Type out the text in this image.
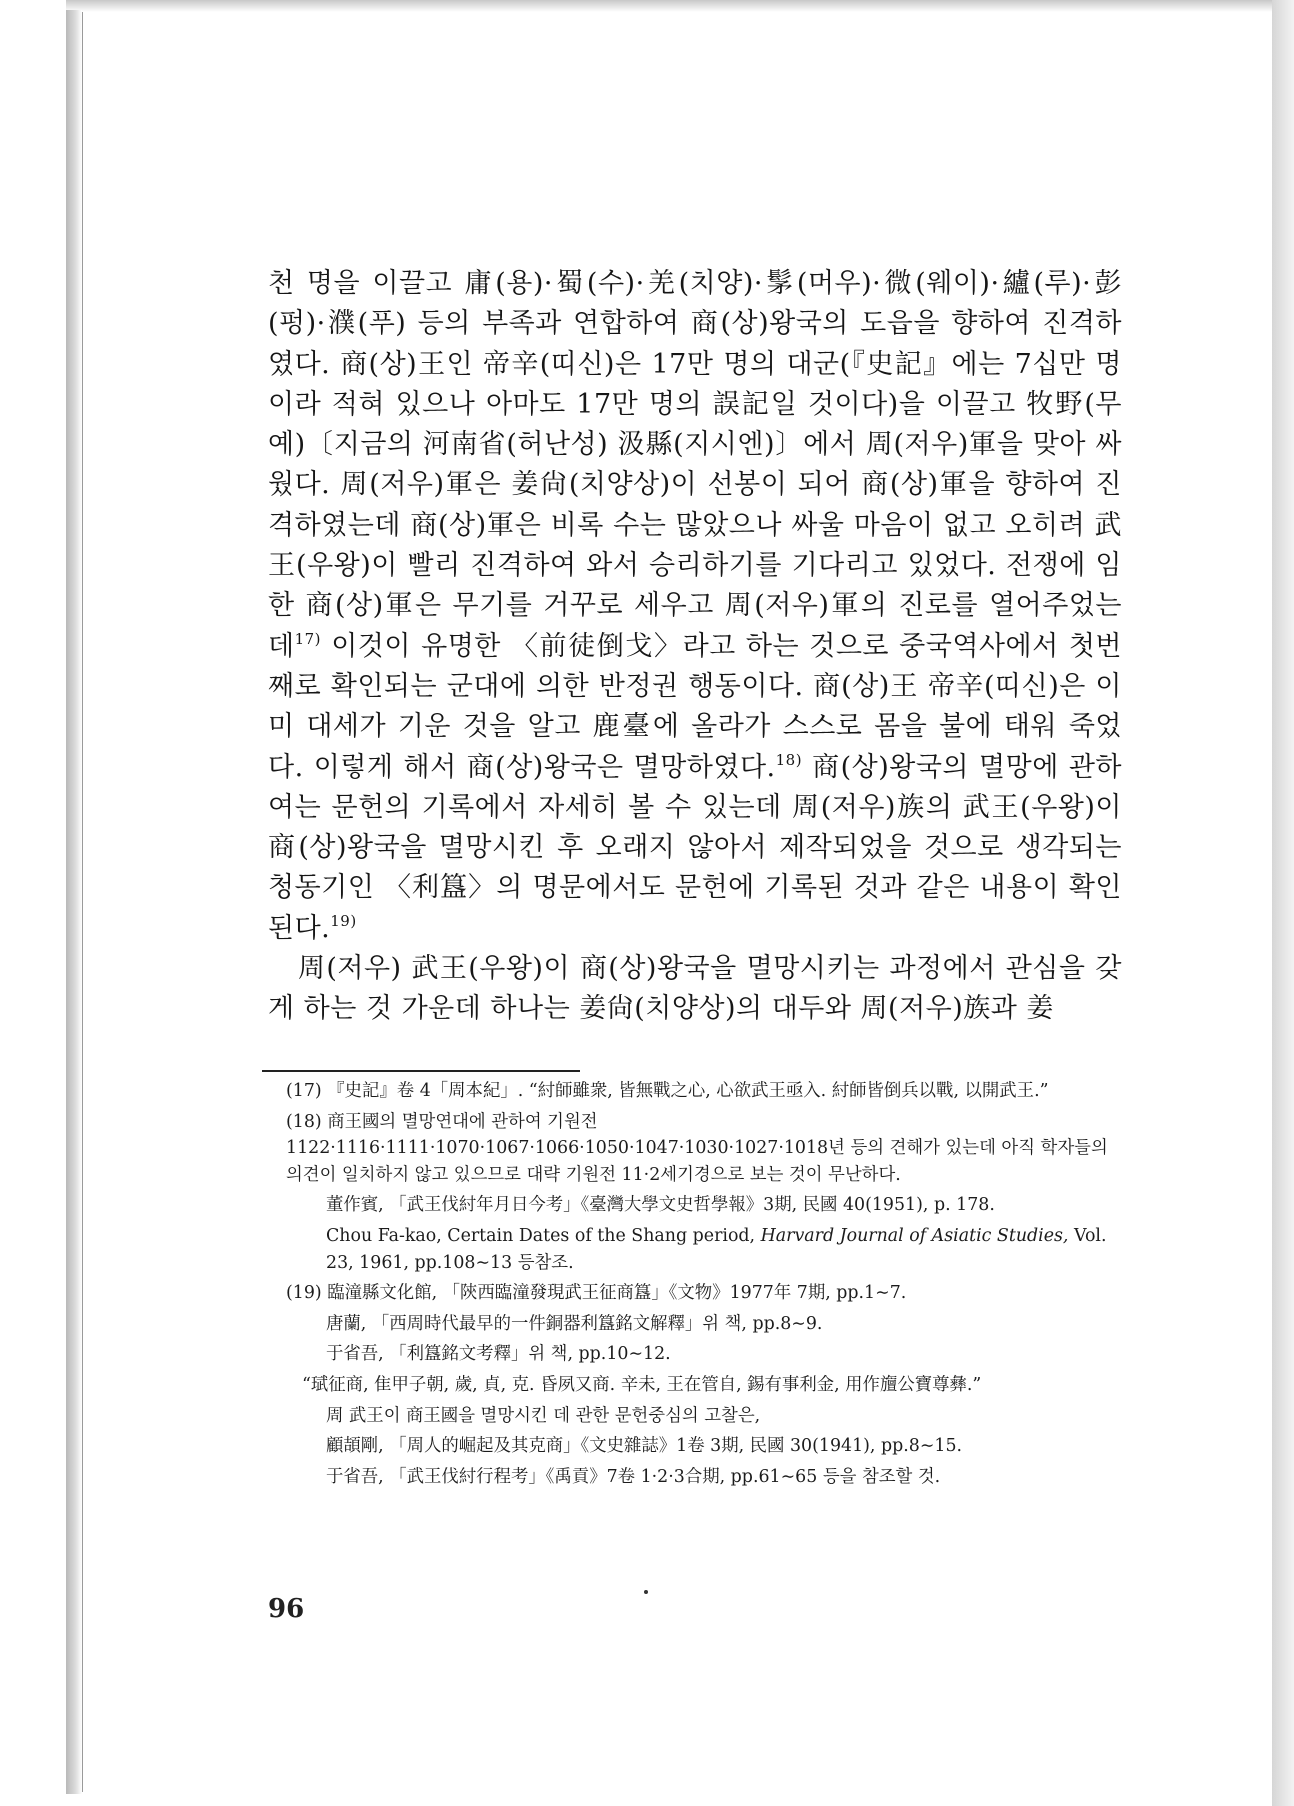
천 명을 이끌고 庸(용)·蜀(수)·羌(치양)·髳(머우)·微(웨이)·纑(루)·彭(펑)·濮(푸) 등의 부족과 연합하여 商(상)왕국의 도읍을 향하여 진격하였다. 商(상)王인 帝辛(띠신)은 17만 명의 대군(『史記』에는 7십만 명이라 적혀 있으나 아마도 17만 명의 誤記일 것이다)을 이끌고 牧野(무예)〔지금의 河南省(허난성) 汲縣(지시엔)〕에서 周(저우)軍을 맞아 싸웠다. 周(저우)軍은 姜尙(치양상)이 선봉이 되어 商(상)軍을 향하여 진격하였는데 商(상)軍은 비록 수는 많았으나 싸울 마음이 없고 오히려 武王(우왕)이 빨리 진격하여 와서 승리하기를 기다리고 있었다. 전쟁에 임한 商(상)軍은 무기를 거꾸로 세우고 周(저우)軍의 진로를 열어주었는데$^{17)}$ 이것이 유명한 〈前徒倒戈〉라고 하는 것으로 중국역사에서 첫번째로 확인되는 군대에 의한 반정권 행동이다. 商(상)王 帝辛(띠신)은 이미 대세가 기운 것을 알고 鹿臺에 올라가 스스로 몸을 불에 태워 죽었다. 이렇게 해서 商(상)왕국은 멸망하였다.$^{18)}$ 商(상)왕국의 멸망에 관하여는 문헌의 기록에서 자세히 볼 수 있는데 周(저우)族의 武王(우왕)이 商(상)왕국을 멸망시킨 후 오래지 않아서 제작되었을 것으로 생각되는 청동기인 〈利簋〉의 명문에서도 문헌에 기록된 것과 같은 내용이 확인된다.$^{19)}$

周(저우) 武王(우왕)이 商(상)왕국을 멸망시키는 과정에서 관심을 갖게 하는 것 가운데 하나는 姜尙(치양상)의 대두와 周(저우)族과 姜

(17) 『史記』卷 4「周本紀」. “紂師雖衆, 皆無戰之心, 心欲武王亟入. 紂師皆倒兵以戰, 以開武王.”
(18) 商王國의 멸망연대에 관하여 기원전 1122·1116·1111·1070·1067·1066·1050·1047·1030·1027·1018년 등의 견해가 있는데 아직 학자들의 의견이 일치하지 않고 있으므로 대략 기원전 11·2세기경으로 보는 것이 무난하다.
董作賓, 「武王伐紂年月日今考」《臺灣大學文史哲學報》3期, 民國 40(1951), p. 178.
Chou Fa-kao, Certain Dates of the Shang period, Harvard Journal of Asiatic Studies, Vol. 23, 1961, pp.108∼13 등참조.
(19) 臨潼縣文化館, 「陝西臨潼發現武王征商簋」《文物》1977年 7期, pp.1∼7.
唐蘭, 「西周時代最早的一件銅器利簋銘文解釋」위 책, pp.8∼9.
于省吾, 「利簋銘文考釋」위 책, pp.10∼12.
“珷征商, 隹甲子朝, 歲, 貞, 克. 昏夙又商. 辛未, 王在管自, 錫有事利金, 用作旜公寶尊彝.”
周 武王이 商王國을 멸망시킨 데 관한 문헌중심의 고찰은,
顧頡剛, 「周人的崛起及其克商」《文史雜誌》1卷 3期, 民國 30(1941), pp.8∼15.
于省吾, 「武王伐紂行程考」《禹貢》7卷 1·2·3合期, pp.61∼65 등을 참조할 것.
96
